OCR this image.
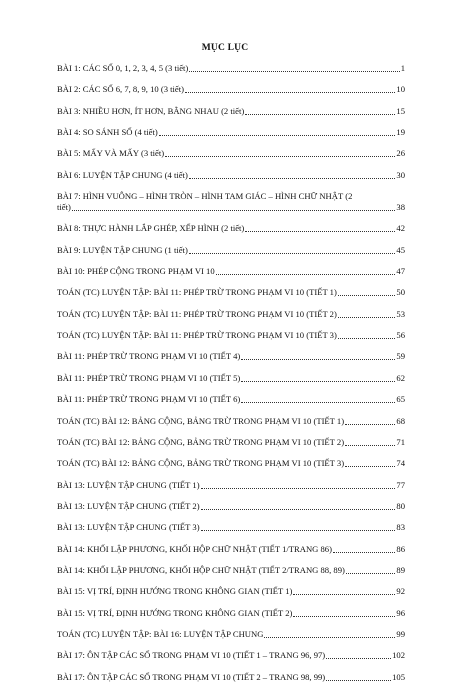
MỤC LỤC
BÀI 1: CÁC SỐ 0, 1, 2, 3, 4, 5 (3 tiết)	1
BÀI 2: CÁC SỐ 6, 7, 8, 9, 10 (3 tiết)	10
BÀI 3: NHIỀU HƠN, ÍT HƠN, BẰNG NHAU (2 tiết)	15
BÀI 4: SO SÁNH SỐ (4 tiết)	19
BÀI 5: MẤY VÀ MẤY (3 tiết)	26
BÀI 6: LUYỆN TẬP CHUNG (4 tiết)	30
BÀI 7: HÌNH VUÔNG – HÌNH TRÒN – HÌNH TAM GIÁC – HÌNH CHỮ NHẬT (2
tiết)	38
BÀI 8: THỰC HÀNH LẮP GHÉP, XẾP HÌNH (2 tiết)	42
BÀI 9: LUYỆN TẬP CHUNG (1 tiết)	45
BÀI 10: PHÉP CỘNG TRONG PHẠM VI 10	47
TOÁN (TC) LUYỆN TẬP: BÀI 11: PHÉP TRỪ TRONG PHẠM VI 10 (TIẾT 1)	50
TOÁN (TC) LUYỆN TẬP: BÀI 11: PHÉP TRỪ TRONG PHẠM VI 10 (TIẾT 2)	53
TOÁN (TC) LUYỆN TẬP: BÀI 11: PHÉP TRỪ TRONG PHẠM VI 10 (TIẾT 3)	56
BÀI 11: PHÉP TRỪ TRONG PHẠM VI 10 (TIẾT 4)	59
BÀI 11: PHÉP TRỪ TRONG PHẠM VI 10 (TIẾT 5)	62
BÀI 11: PHÉP TRỪ TRONG PHẠM VI 10 (TIẾT 6)	65
TOÁN (TC) BÀI 12: BẢNG CỘNG, BẢNG TRỪ TRONG PHẠM VI 10 (TIẾT 1)	68
TOÁN (TC) BÀI 12: BẢNG CỘNG, BẢNG TRỪ TRONG PHẠM VI 10 (TIẾT 2)	71
TOÁN (TC) BÀI 12: BẢNG CỘNG, BẢNG TRỪ TRONG PHẠM VI 10 (TIẾT 3)	74
BÀI 13: LUYỆN TẬP CHUNG (TIẾT 1)	77
BÀI 13: LUYỆN TẬP CHUNG (TIẾT 2)	80
BÀI 13: LUYỆN TẬP CHUNG (TIẾT 3)	83
BÀI 14: KHỐI LẬP PHƯƠNG, KHỐI HỘP CHỮ NHẬT (TIẾT 1/TRANG 86)	86
BÀI 14: KHỐI LẬP PHƯƠNG, KHỐI HỘP CHỮ NHẬT (TIẾT 2/TRANG 88, 89)	89
BÀI 15: VỊ TRÍ, ĐỊNH HƯỚNG TRONG KHÔNG GIAN (TIẾT 1)	92
BÀI 15: VỊ TRÍ, ĐỊNH HƯỚNG TRONG KHÔNG GIAN (TIẾT 2)	96
TOÁN (TC) LUYỆN TẬP: BÀI 16: LUYỆN TẬP CHUNG	99
BÀI 17: ÔN TẬP CÁC SỐ TRONG PHẠM VI 10 (TIẾT 1 – TRANG 96, 97)	102
BÀI 17: ÔN TẬP CÁC SỐ TRONG PHẠM VI 10 (TIẾT 2 – TRANG 98, 99)	105
